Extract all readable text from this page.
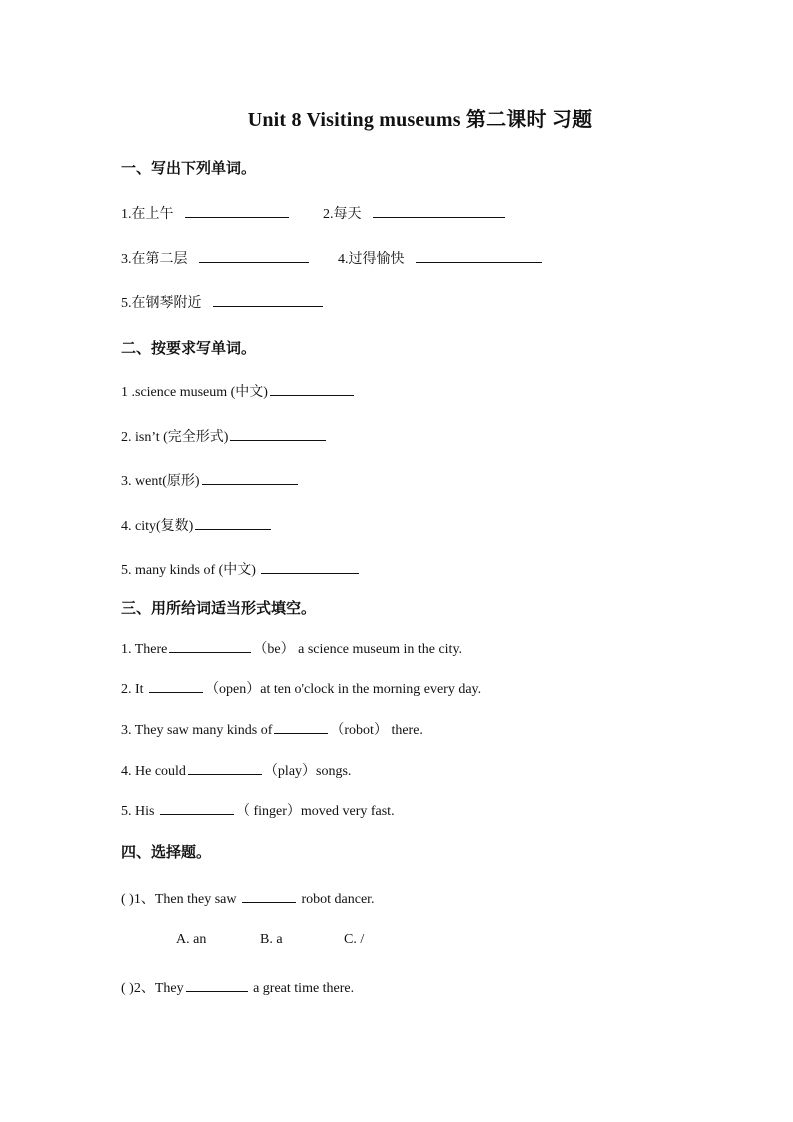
Unit 8 Visiting museums 第二课时 习题
一、写出下列单词。
1.在上午	2.每天
3.在第二层	4.过得愉快
5.在钢琴附近
二、按要求写单词。
1 .science museum (中文)
2. isn’t (完全形式)
3. went(原形)
4. city(复数)
5. many kinds of (中文)
三、用所给词适当形式填空。
1. There	（be） a science museum in the city.
2. It	（open）at ten o'clock in the morning every day.
3. They saw many kinds of	（robot） there.
4. He could	（play）songs.
5. His	（ finger）moved very fast.
四、选择题。
( )1、Then they saw	robot dancer.
A. an	B. a	C. /
( )2、They	a great time there.
